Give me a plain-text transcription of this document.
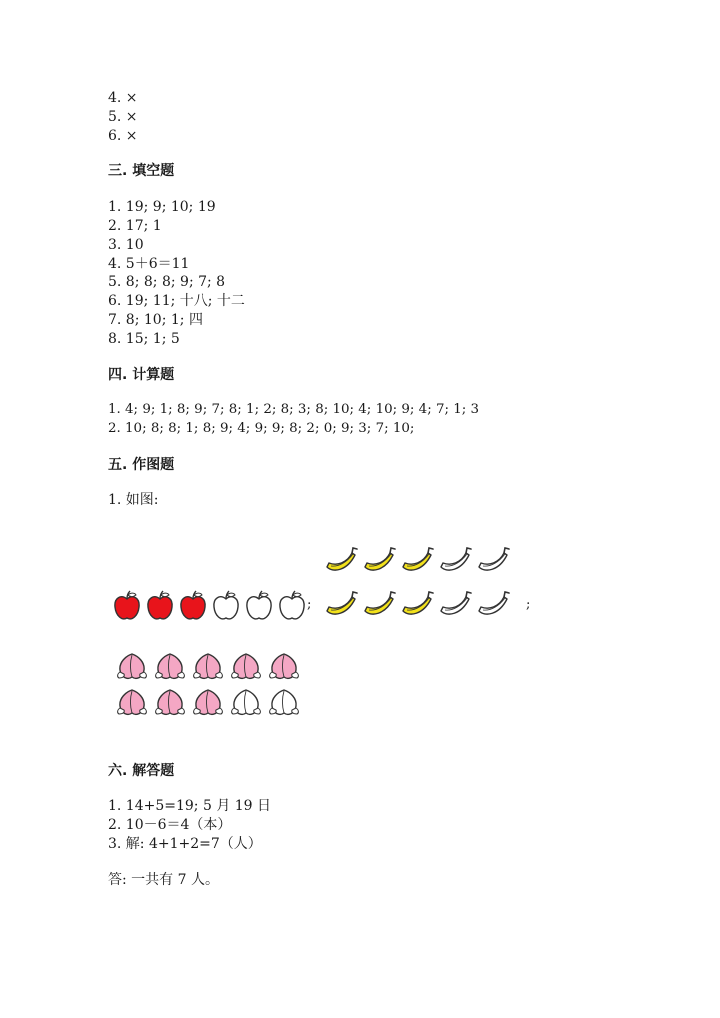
4. ×
5. ×
6. ×
三. 填空题
1. 19; 9; 10; 19
2. 17; 1
3. 10
4. 5＋6＝11
5. 8; 8; 8; 9; 7; 8
6. 19; 11; 十八; 十二
7. 8; 10; 1; 四
8. 15; 1; 5
四. 计算题
1. 4; 9; 1; 8; 9; 7; 8; 1; 2; 8; 3; 8; 10; 4; 10; 9; 4; 7; 1; 3
2. 10; 8; 8; 1; 8; 9; 4; 9; 9; 8; 2; 0; 9; 3; 7; 10;
五. 作图题
1. 如图:
;	;
六. 解答题
1. 14+5=19; 5 月 19 日
2. 10－6＝4（本）
3. 解: 4+1+2=7（人）
答: 一共有 7 人。
